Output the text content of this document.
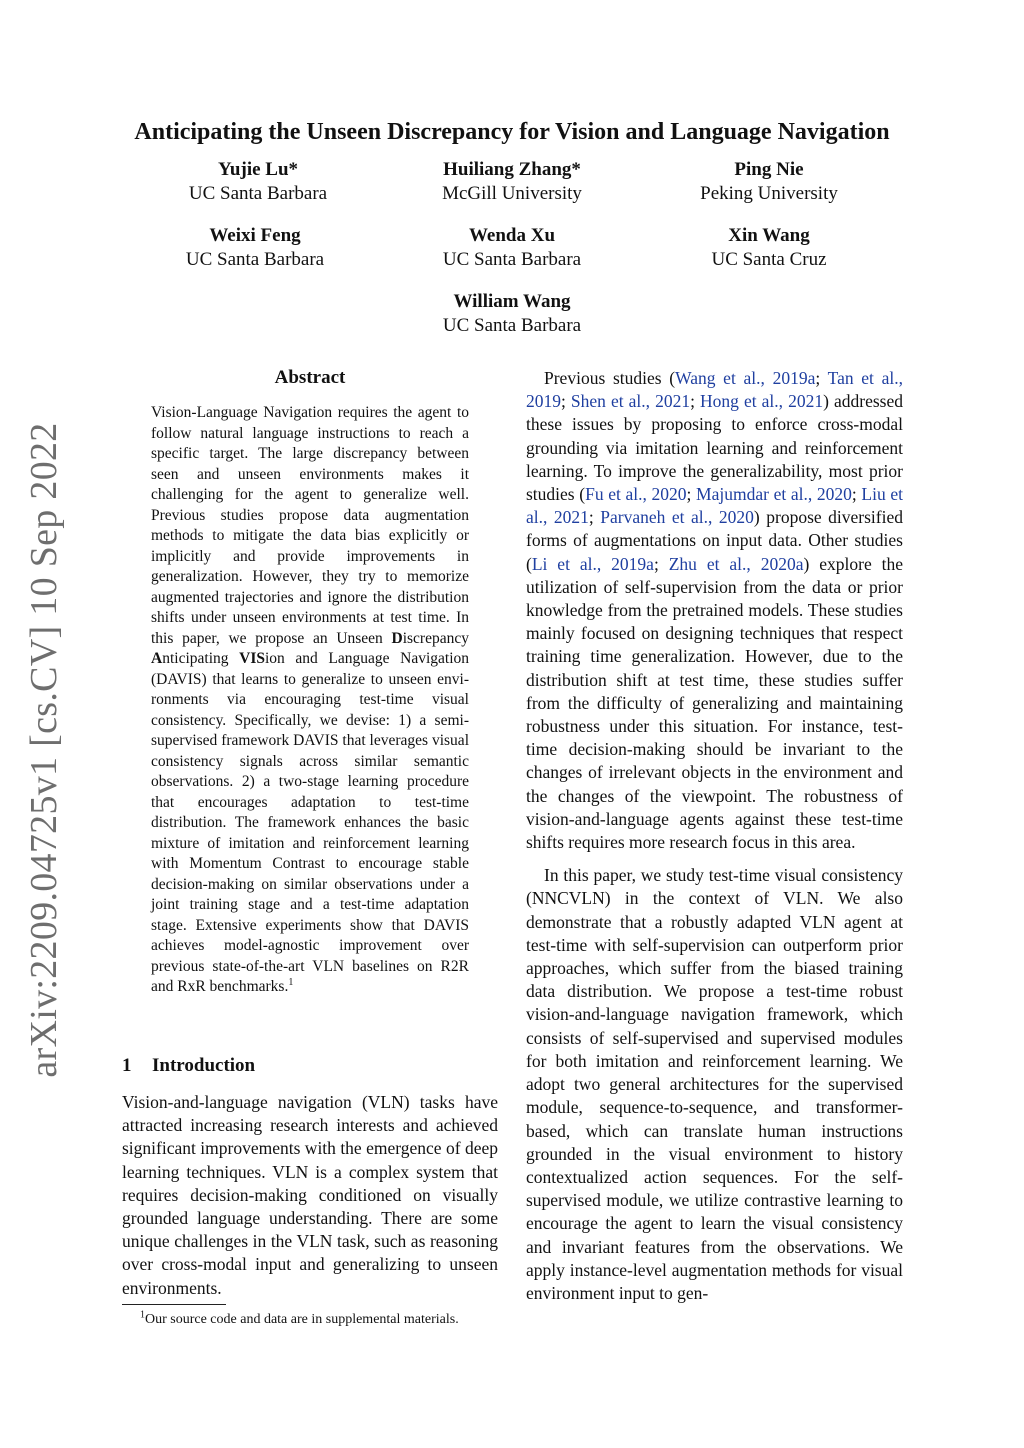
Anticipating the Unseen Discrepancy for Vision and Language Navigation
Yujie Lu*
UC Santa Barbara
Huiliang Zhang*
McGill University
Ping Nie
Peking University
Weixi Feng
UC Santa Barbara
Wenda Xu
UC Santa Barbara
Xin Wang
UC Santa Cruz
William Wang
UC Santa Barbara
arXiv:2209.04725v1 [cs.CV] 10 Sep 2022
Abstract

Vision-Language Navigation requires the agent to follow natural language instructions to reach a specific target. The large discrepancy between seen and unseen environments makes it challenging for the agent to generalize well. Previous studies propose data augmentation methods to mitigate the data bias explicitly or implicitly and provide improvements in generalization. However, they try to memorize augmented trajectories and ignore the distribution shifts under unseen environments at test time. In this paper, we propose an Unseen Discrepancy Anticipating VISion and Language Navigation (DAVIS) that learns to generalize to unseen environments via encouraging test-time visual consistency. Specifically, we devise: 1) a semi-supervised framework DAVIS that leverages visual consistency signals across similar semantic observations. 2) a two-stage learning procedure that encourages adaptation to test-time distribution. The framework enhances the basic mixture of imitation and reinforcement learning with Momentum Contrast to encourage stable decision-making on similar observations under a joint training stage and a test-time adaptation stage. Extensive experiments show that DAVIS achieves model-agnostic improvement over previous state-of-the-art VLN baselines on R2R and RxR benchmarks.$^1$

1 Introduction

Vision-and-language navigation (VLN) tasks have attracted increasing research interests and achieved significant improvements with the emergence of deep learning techniques. VLN is a complex system that requires decision-making conditioned on visually grounded language understanding. There are some unique challenges in the VLN task, such as reasoning over cross-modal input and generalizing to unseen environments.

$^1$Our source code and data are in supplemental materials.

Previous studies (Wang et al., 2019a; Tan et al., 2019; Shen et al., 2021; Hong et al., 2021) addressed these issues by proposing to enforce cross-modal grounding via imitation learning and reinforcement learning. To improve the generalizability, most prior studies (Fu et al., 2020; Majumdar et al., 2020; Liu et al., 2021; Parvaneh et al., 2020) propose diversified forms of augmentations on input data. Other studies (Li et al., 2019a; Zhu et al., 2020a) explore the utilization of self-supervision from the data or prior knowledge from the pretrained models. These studies mainly focused on designing techniques that respect training time generalization. However, due to the distribution shift at test time, these studies suffer from the difficulty of generalizing and maintaining robustness under this situation. For instance, test-time decision-making should be invariant to the changes of irrelevant objects in the environment and the changes of the viewpoint. The robustness of vision-and-language agents against these test-time shifts requires more research focus in this area.

In this paper, we study test-time visual consistency (NNCVLN) in the context of VLN. We also demonstrate that a robustly adapted VLN agent at test-time with self-supervision can outperform prior approaches, which suffer from the biased training data distribution. We propose a test-time robust vision-and-language navigation framework, which consists of self-supervised and supervised modules for both imitation and reinforcement learning. We adopt two general architectures for the supervised module, sequence-to-sequence, and transformer-based, which can translate human instructions grounded in the visual environment to history contextualized action sequences. For the self-supervised module, we utilize contrastive learning to encourage the agent to learn the visual consistency and invariant features from the observations. We apply instance-level augmentation methods for visual environment input to gen-
